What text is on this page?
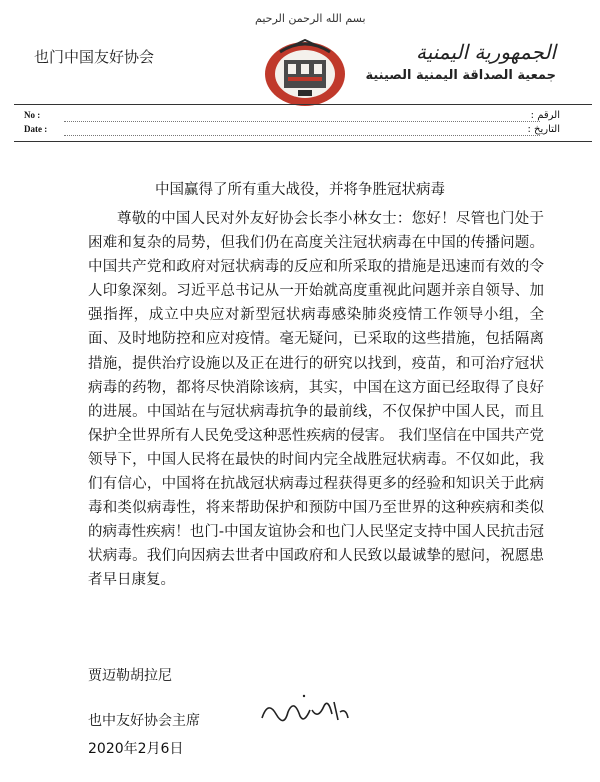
也门中国友好协会
بسم الله الرحمن الرحيم
الجمهورية اليمنية
جمعية الصداقة اليمنية الصينية
No :	الرقم :
Date :	التاريخ :
中国赢得了所有重大战役，并将争胜冠状病毒

尊敬的中国人民对外友好协会长李小林女士：您好！尽管也门处于困难和复杂的局势，但我们仍在高度关注冠状病毒在中国的传播问题。中国共产党和政府对冠状病毒的反应和所采取的措施是迅速而有效的令人印象深刻。习近平总书记从一开始就高度重视此问题并亲自领导、加强指挥，成立中央应对新型冠状病毒感染肺炎疫情工作领导小组，全面、及时地防控和应对疫情。毫无疑问，已采取的这些措施，包括隔离措施，提供治疗设施以及正在进行的研究以找到，疫苗，和可治疗冠状病毒的药物，都将尽快消除该病，其实，中国在这方面已经取得了良好的进展。中国站在与冠状病毒抗争的最前线，不仅保护中国人民，而且保护全世界所有人民免受这种恶性疾病的侵害。 我们坚信在中国共产党领导下，中国人民将在最快的时间内完全战胜冠状病毒。不仅如此，我们有信心，中国将在抗战冠状病毒过程获得更多的经验和知识关于此病毒和类似病毒性，将来帮助保护和预防中国乃至世界的这种疾病和类似的病毒性疾病！也门-中国友谊协会和也门人民坚定支持中国人民抗击冠状病毒。我们向因病去世者中国政府和人民致以最诚挚的慰问，祝愿患者早日康复。

贾迈勒胡拉尼
也中友好协会主席
2020年2月6日
